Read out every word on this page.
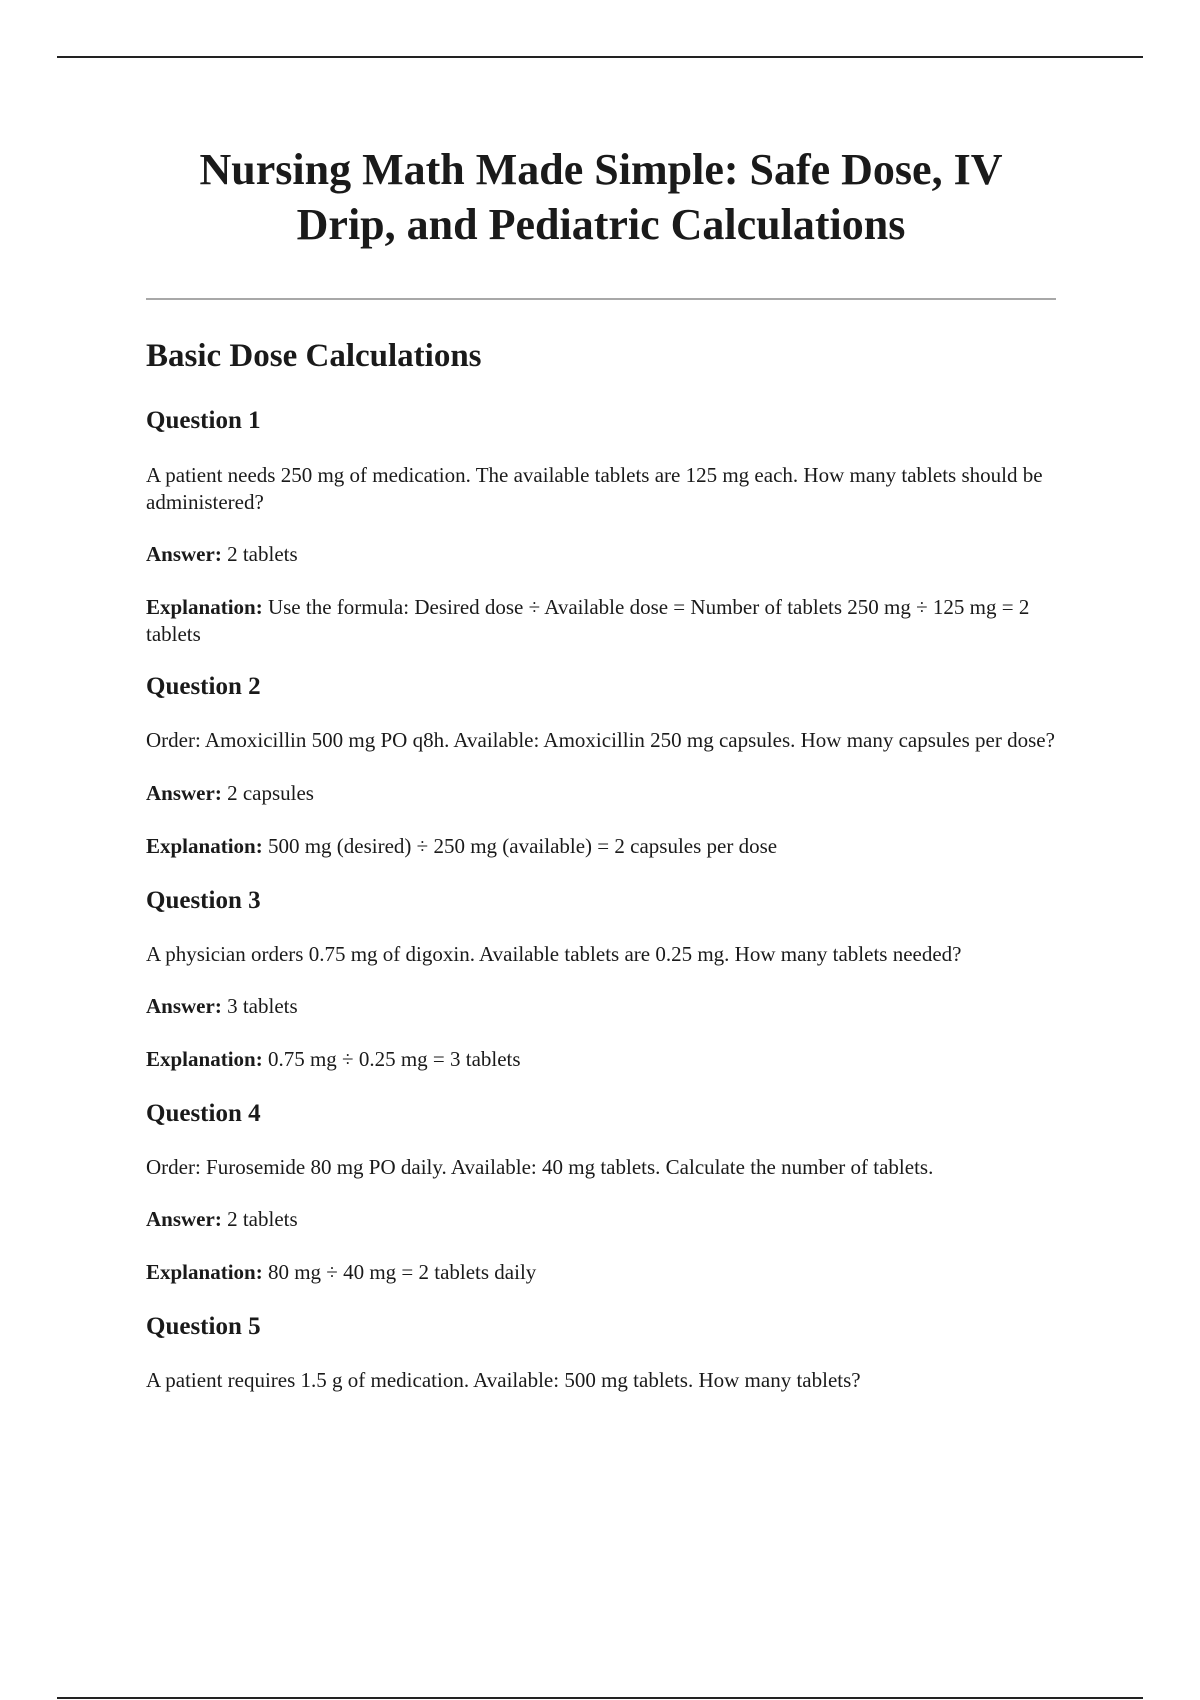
Nursing Math Made Simple: Safe Dose, IV Drip, and Pediatric Calculations
Basic Dose Calculations
Question 1

A patient needs 250 mg of medication. The available tablets are 125 mg each. How many tablets should be administered?

Answer: 2 tablets

Explanation: Use the formula: Desired dose ÷ Available dose = Number of tablets 250 mg ÷ 125 mg = 2 tablets

Question 2

Order: Amoxicillin 500 mg PO q8h. Available: Amoxicillin 250 mg capsules. How many capsules per dose?

Answer: 2 capsules

Explanation: 500 mg (desired) ÷ 250 mg (available) = 2 capsules per dose

Question 3

A physician orders 0.75 mg of digoxin. Available tablets are 0.25 mg. How many tablets needed?

Answer: 3 tablets

Explanation: 0.75 mg ÷ 0.25 mg = 3 tablets

Question 4

Order: Furosemide 80 mg PO daily. Available: 40 mg tablets. Calculate the number of tablets.

Answer: 2 tablets

Explanation: 80 mg ÷ 40 mg = 2 tablets daily

Question 5

A patient requires 1.5 g of medication. Available: 500 mg tablets. How many tablets?
